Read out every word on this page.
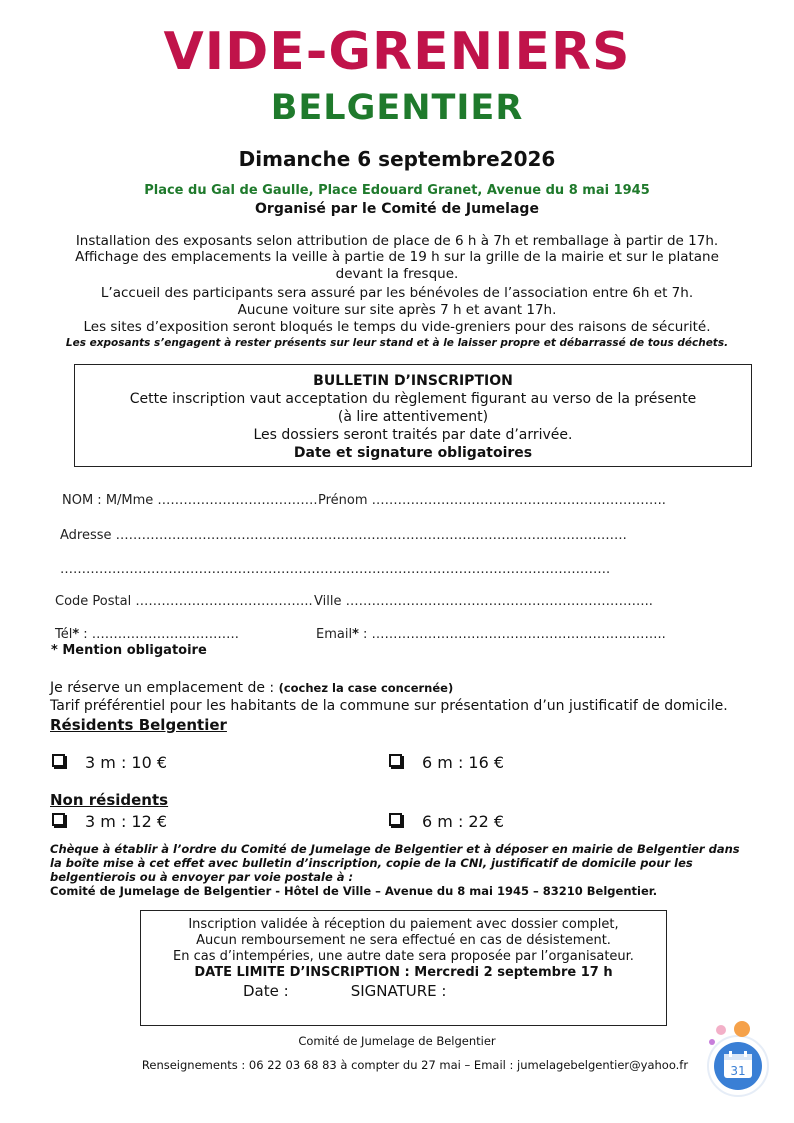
VIDE-GRENIERS
BELGENTIER
Dimanche 6 septembre2026
Place du Gal de Gaulle, Place Edouard Granet, Avenue du 8 mai 1945
Organisé par le Comité de Jumelage
Installation des exposants selon attribution de place de 6 h à 7h et remballage à partir de 17h.
Affichage des emplacements la veille à partie de 19 h sur la grille de la mairie et sur le platane
devant la fresque.
L’accueil des participants sera assuré par les bénévoles de l’association entre 6h et 7h.
Aucune voiture sur site après 7 h et avant 17h.
Les sites d’exposition seront bloqués le temps du vide-greniers pour des raisons de sécurité.
Les exposants s’engagent à rester présents sur leur stand et à le laisser propre et débarrassé de tous déchets.
BULLETIN D’INSCRIPTION
Cette inscription vaut acceptation du règlement figurant au verso de la présente
(à lire attentivement)
Les dossiers seront traités par date d’arrivée.
Date et signature obligatoires
NOM : M/Mme ………………………………. Prénom …………………………………………………………..
Adresse ……………………………………………………………………………………………………….
……………………………………………………………………………………………………………….
Code Postal ………………………………….. Ville ……………………………………………………………..
Tél* : …………………………….	Email* : …………………………………………………………..
* Mention obligatoire
Je réserve un emplacement de : (cochez la case concernée)
Tarif préférentiel pour les habitants de la commune sur présentation d’un justificatif de domicile.
Résidents Belgentier
3 m : 10 €	6 m : 16 €
Non résidents
3 m : 12 €	6 m : 22 €
Chèque à établir à l’ordre du Comité de Jumelage de Belgentier et à déposer en mairie de Belgentier dans
la boîte mise à cet effet avec bulletin d’inscription, copie de la CNI, justificatif de domicile pour les
belgentierois ou à envoyer par voie postale à :
Comité de Jumelage de Belgentier - Hôtel de Ville – Avenue du 8 mai 1945 – 83210 Belgentier.
Inscription validée à réception du paiement avec dossier complet,
Aucun remboursement ne sera effectué en cas de désistement.
En cas d’intempéries, une autre date sera proposée par l’organisateur.
DATE LIMITE D’INSCRIPTION : Mercredi 2 septembre 17 h
Date :	SIGNATURE :
Comité de Jumelage de Belgentier
Renseignements : 06 22 03 68 83 à compter du 27 mai – Email : jumelagebelgentier@yahoo.fr	31
